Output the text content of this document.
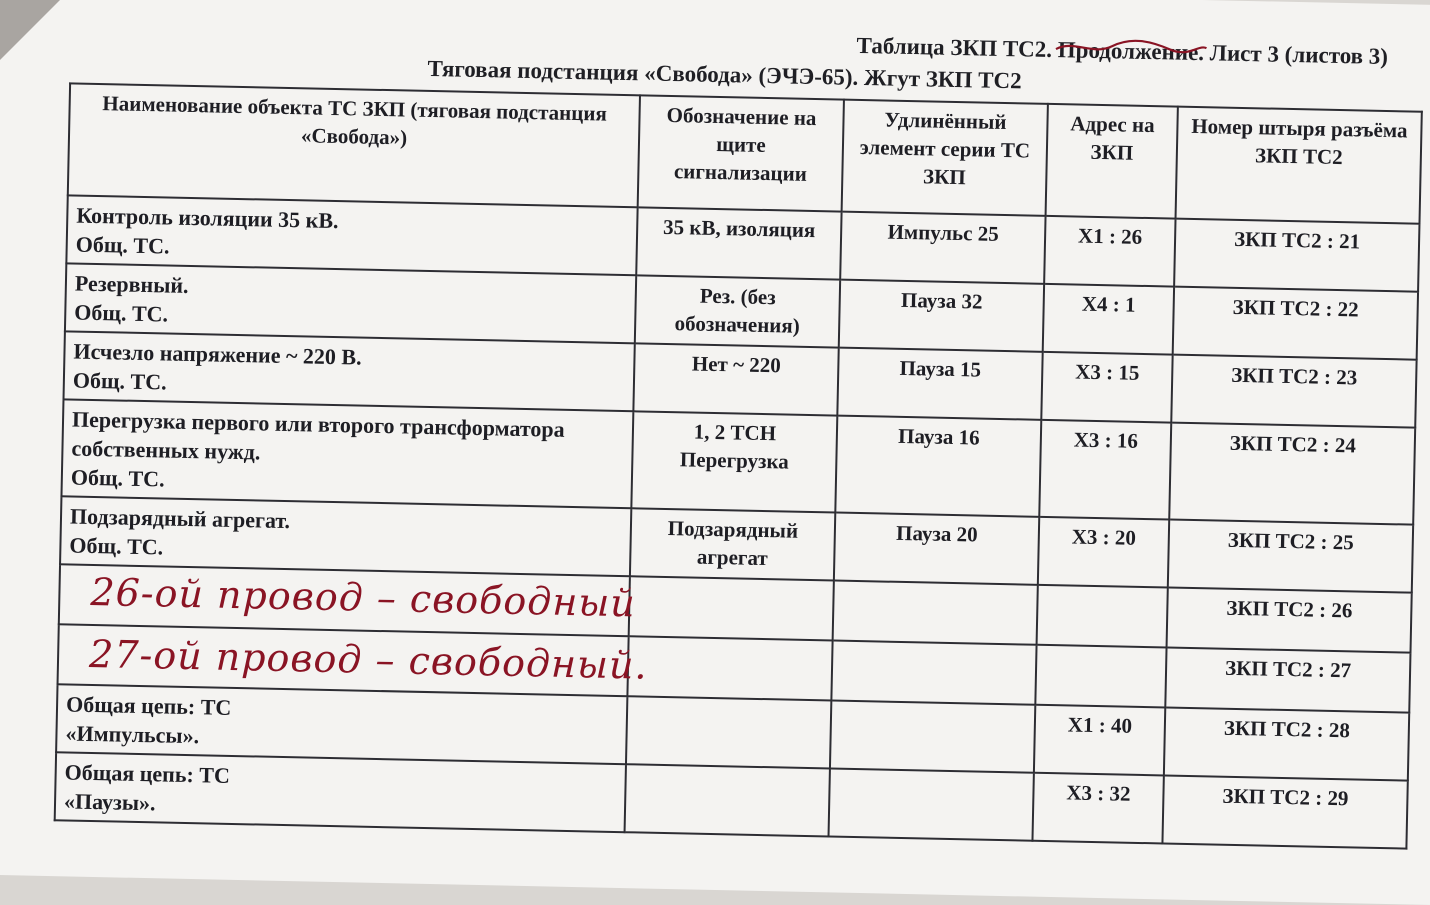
Таблица ЗКП ТС2. Продолжение. Лист 3 (листов 3)
Тяговая подстанция «Свобода» (ЭЧЭ-65). Жгут ЗКП ТС2
Наименование объекта ТС ЗКП (тяговая подстанция «Свобода»)	Обозначение на щите сигнализации	Удлинённый элемент серии ТС ЗКП	Адрес на ЗКП	Номер штыря разъёма ЗКП ТС2

Контроль изоляции 35 кВ.
Общ. ТС.	35 кВ, изоляция	Импульс 25	Х1 : 26	ЗКП ТС2 : 21

Резервный.
Общ. ТС.	Рез. (без обозначения)	Пауза 32	Х4 : 1	ЗКП ТС2 : 22

Исчезло напряжение ~ 220 В.
Общ. ТС.	Нет ~ 220	Пауза 15	Х3 : 15	ЗКП ТС2 : 23

Перегрузка первого или второго трансформатора собственных нужд.
Общ. ТС.	1, 2 ТСН Перегрузка	Пауза 16	Х3 : 16	ЗКП ТС2 : 24

Подзарядный агрегат.
Общ. ТС.	Подзарядный агрегат	Пауза 20	Х3 : 20	ЗКП ТС2 : 25

26-ой провод – свободный				ЗКП ТС2 : 26

27-ой провод – свободный.				ЗКП ТС2 : 27

Общая цепь: ТС
«Импульсы».			Х1 : 40	ЗКП ТС2 : 28

Общая цепь: ТС
«Паузы».			Х3 : 32	ЗКП ТС2 : 29
